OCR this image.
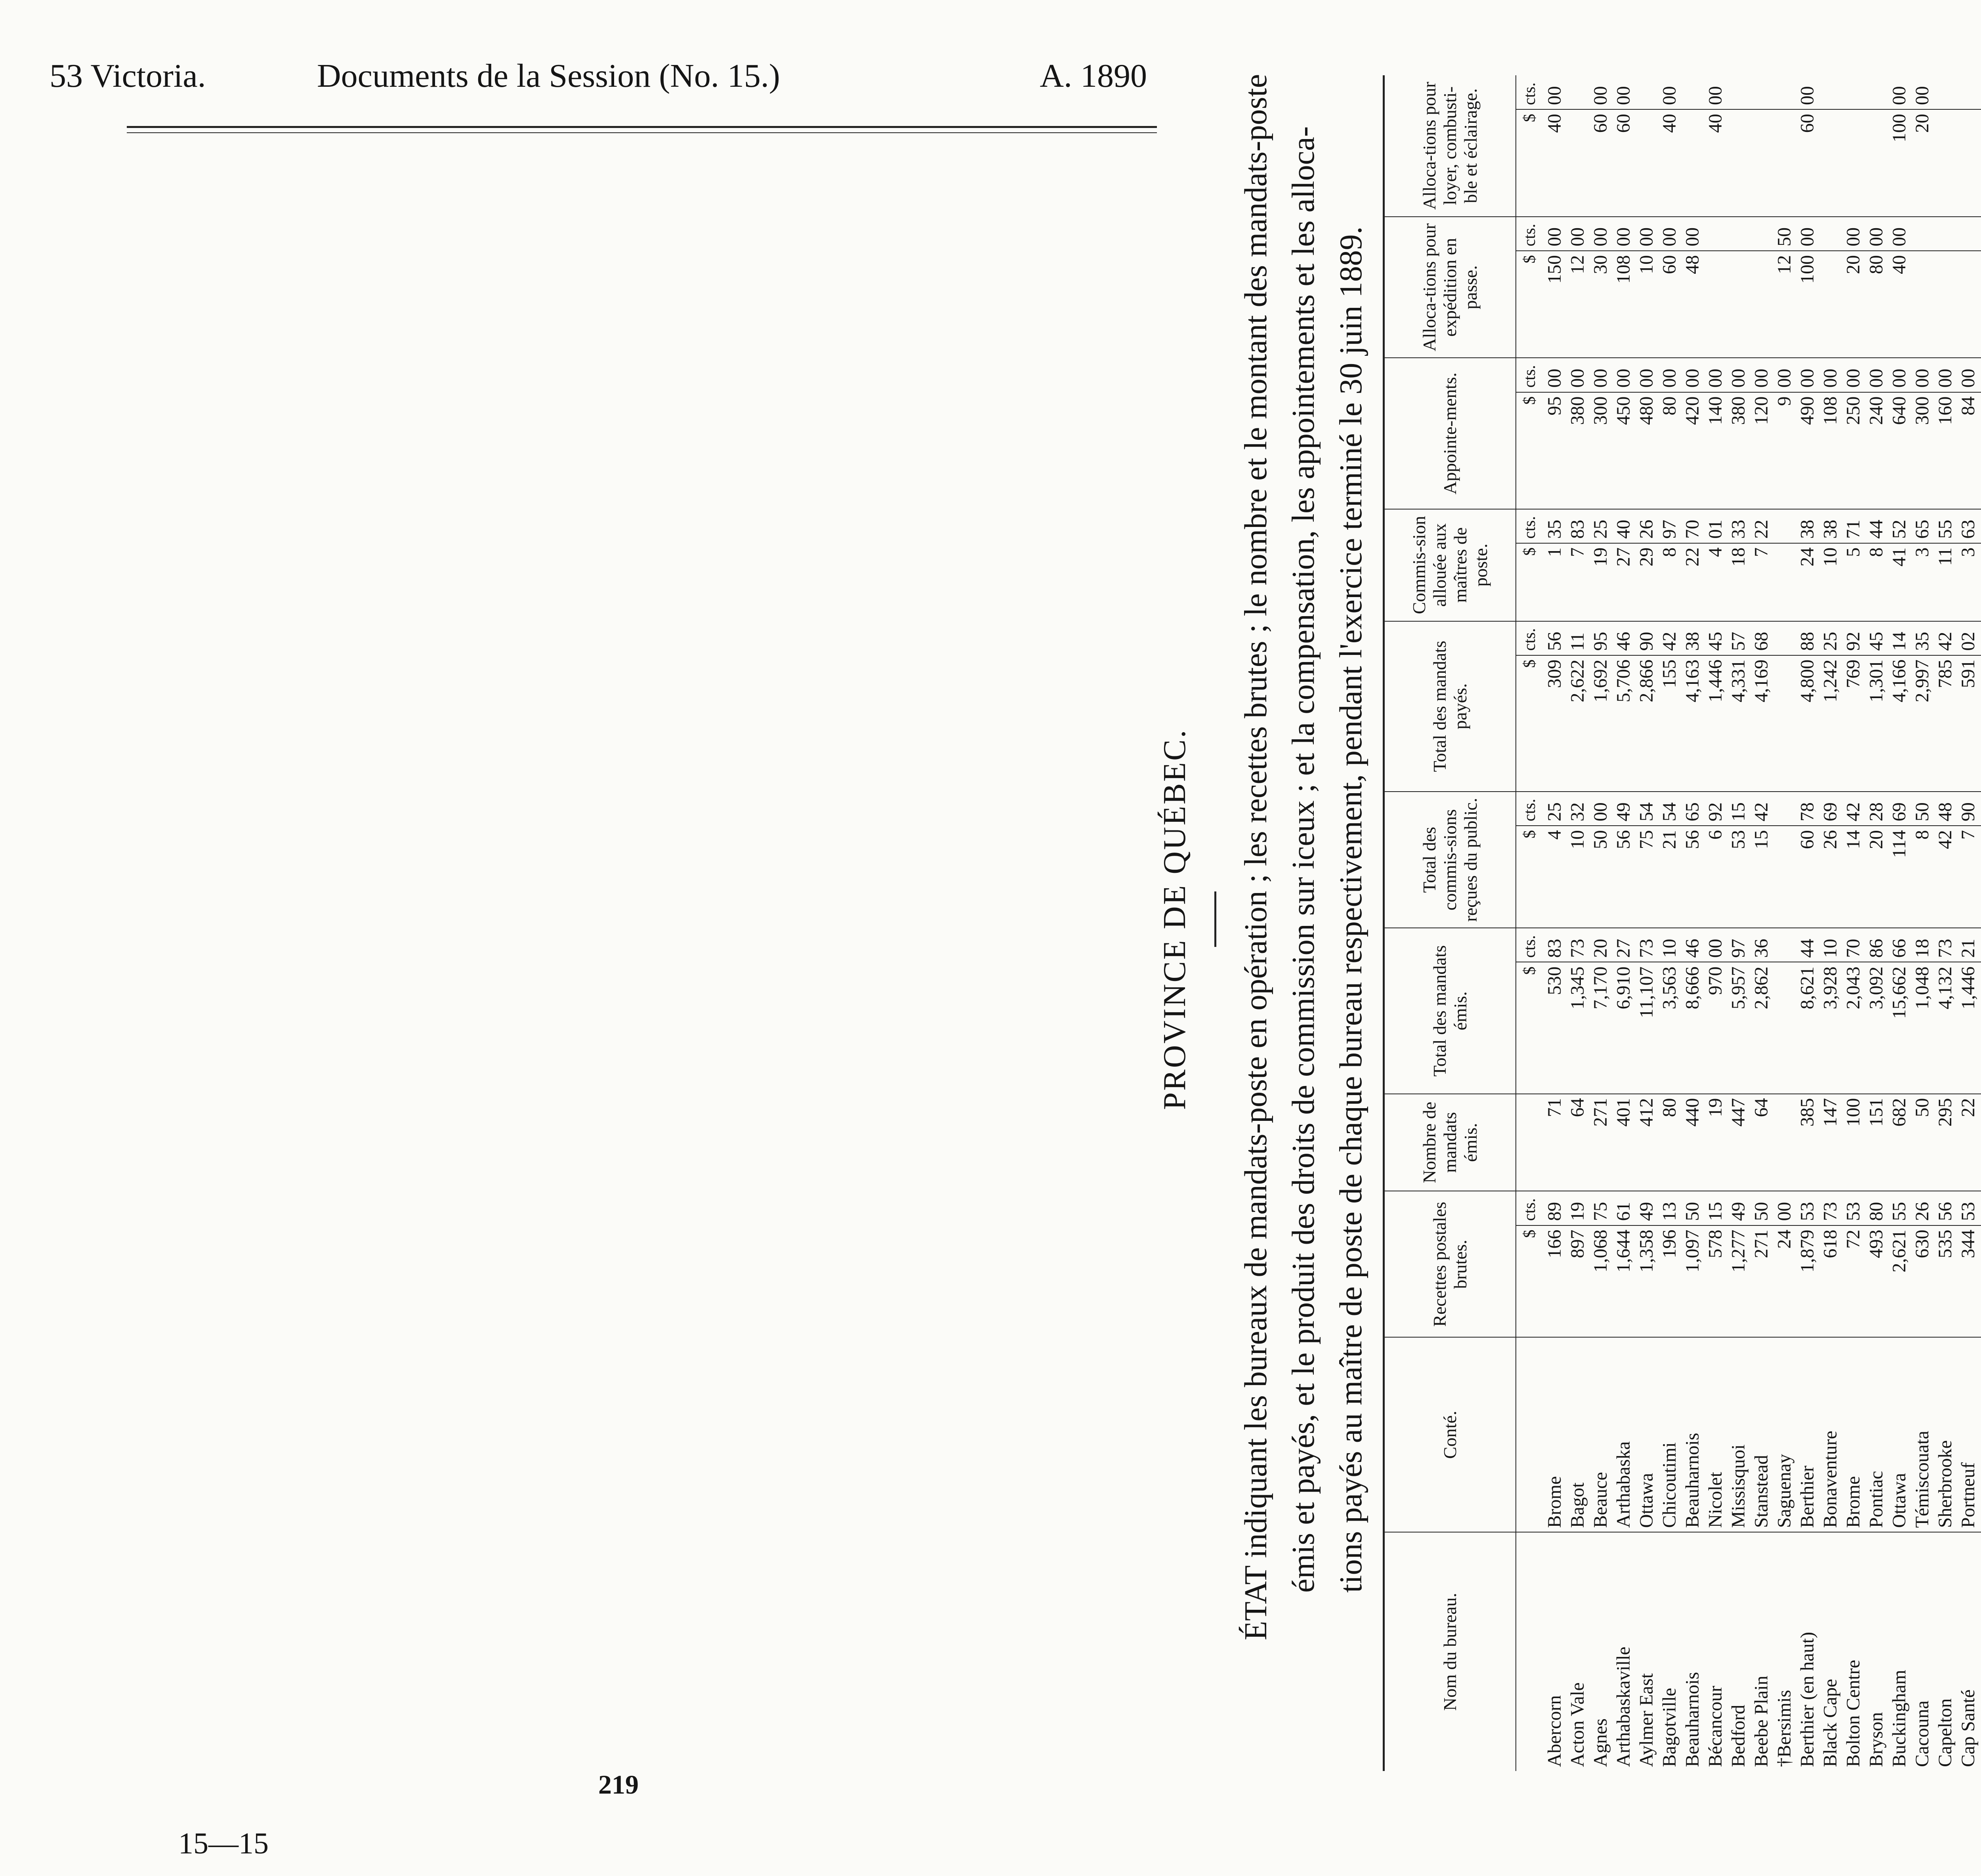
53 Victoria.	Documents de la Session (No. 15.)	A. 1890
PROVINCE DE QUÉBEC. ÉTAT indiquant les bureaux de mandats-poste en opération ; les recettes brutes ; le nombre et le montant des mandats-poste émis et payés, et le produit des droits de commission sur iceux ; et la compensation, les appointements et les alloca- tions payés au maître de poste de chaque bureau respectivement, pendant l'exercice terminé le 30 juin 1889.
Nom du bureau.	Conté.	Recettes postales brutes.		Nombre de mandats émis.	Total des mandats émis.		Total des commis-sions reçues du public.		Total des mandats payés.		Commis-sion allouée aux maîtres de poste.		Appointe-ments.		Alloca-tions pour expédition en passe.		Alloca-tions pour loyer, combusti-ble et éclairage.	
		$	cts.		$	cts.	$	cts.	$	cts.	$	cts.	$	cts.	$	cts.	$	cts.
Abercorn	Brome	166	89	71	530	83	4	25	309	56	1	35	95	00	150	00	40	00
Acton Vale	Bagot	897	19	64	1,345	73	10	32	2,622	11	7	83	380	00	12	00		
Agnes	Beauce	1,068	75	271	7,170	20	50	00	1,692	95	19	25	300	00	30	00	60	00
Arthabaskaville	Arthabaska	1,644	61	401	6,910	27	56	49	5,706	46	27	40	450	00	108	00	60	00
Aylmer East	Ottawa	1,358	49	412	11,107	73	75	54	2,866	90	29	26	480	00	10	00		
Bagotville	Chicoutimi	196	13	80	3,563	10	21	54	155	42	8	97	80	00	60	00	40	00
Beauharnois	Beauharnois	1,097	50	440	8,666	46	56	65	4,163	38	22	70	420	00	48	00		
Bécancour	Nicolet	578	15	19	970	00	6	92	1,446	45	4	01	140	00			40	00
Bedford	Missisquoi	1,277	49	447	5,957	97	53	15	4,331	57	18	33	380	00				
Beebe Plain	Stanstead	271	50	64	2,862	36	15	42	4,169	68	7	22	120	00				
†Bersimis	Saguenay	24	00										9	00	12	50		
Berthier (en haut)	Berthier	1,879	53	385	8,621	44	60	78	4,800	88	24	38	490	00	100	00	60	00
Black Cape	Bonaventure	618	73	147	3,928	10	26	69	1,242	25	10	38	108	00				
Bolton Centre	Brome	72	53	100	2,043	70	14	42	769	92	5	71	250	00	20	00		
Bryson	Pontiac	493	80	151	3,092	86	20	28	1,301	45	8	44	240	00	80	00		
Buckingham	Ottawa	2,621	55	682	15,662	66	114	69	4,166	14	41	52	640	00	40	00	100	00
Cacouna	Témiscouata	630	26	50	1,048	18	8	50	2,997	35	3	65	300	00			20	00
Capelton	Sherbrooke	535	56	295	4,132	73	42	48	785	42	11	55	160	00				
Cap Santé	Portneuf	344	53	22	1,446	21	7	90	591	02	3	63	84	00				

219
15—15
